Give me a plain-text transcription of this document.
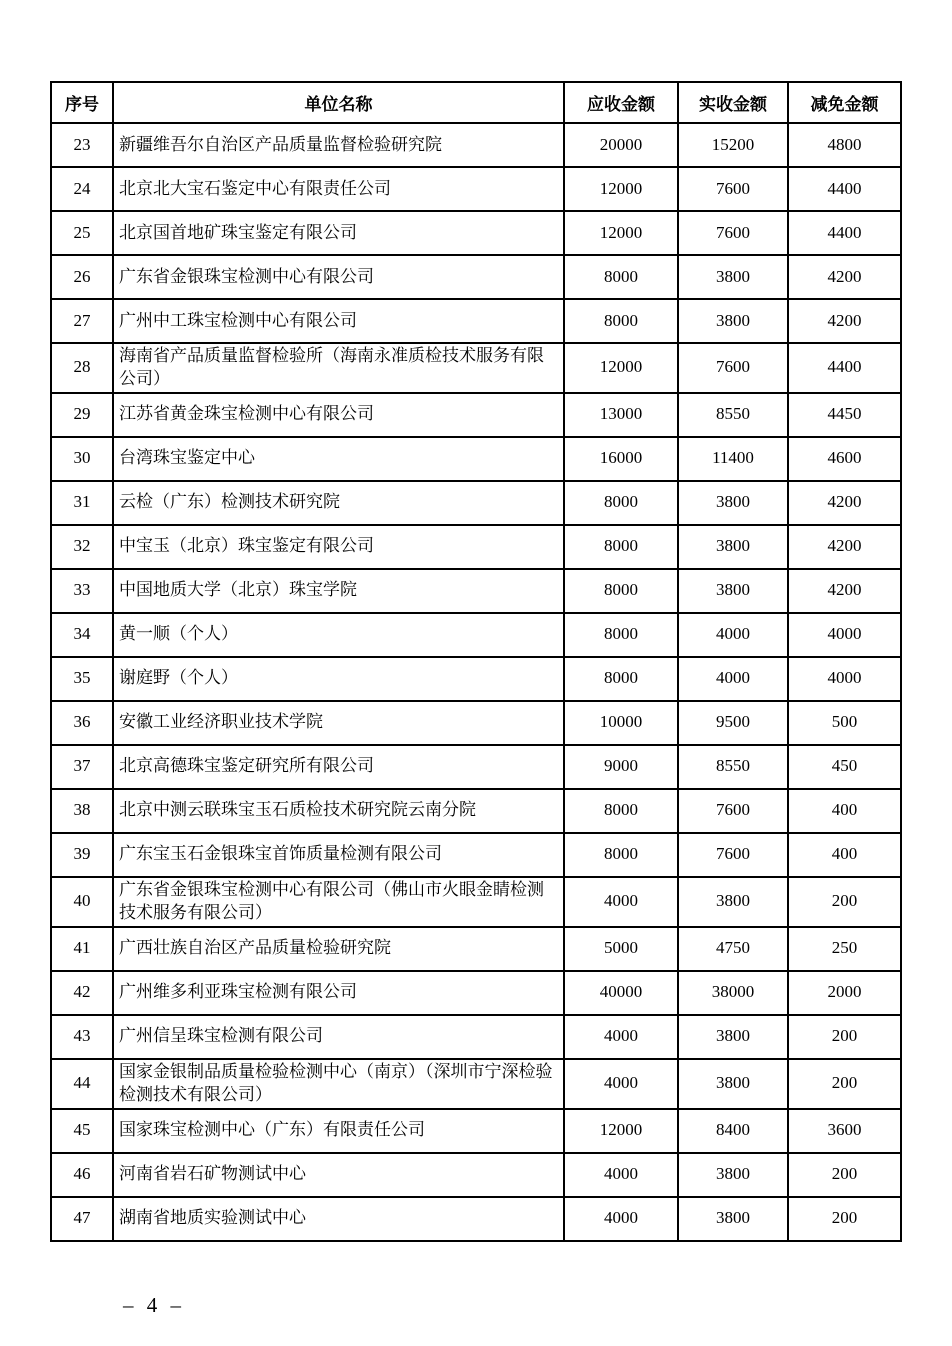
序号	单位名称	应收金额	实收金额	减免金额
23	新疆维吾尔自治区产品质量监督检验研究院	20000	15200	4800
24	北京北大宝石鉴定中心有限责任公司	12000	7600	4400
25	北京国首地矿珠宝鉴定有限公司	12000	7600	4400
26	广东省金银珠宝检测中心有限公司	8000	3800	4200
27	广州中工珠宝检测中心有限公司	8000	3800	4200
28	海南省产品质量监督检验所（海南永准质检技术服务有限公司）	12000	7600	4400
29	江苏省黄金珠宝检测中心有限公司	13000	8550	4450
30	台湾珠宝鉴定中心	16000	11400	4600
31	云检（广东）检测技术研究院	8000	3800	4200
32	中宝玉（北京）珠宝鉴定有限公司	8000	3800	4200
33	中国地质大学（北京）珠宝学院	8000	3800	4200
34	黄一顺（个人）	8000	4000	4000
35	谢庭野（个人）	8000	4000	4000
36	安徽工业经济职业技术学院	10000	9500	500
37	北京高德珠宝鉴定研究所有限公司	9000	8550	450
38	北京中测云联珠宝玉石质检技术研究院云南分院	8000	7600	400
39	广东宝玉石金银珠宝首饰质量检测有限公司	8000	7600	400
40	广东省金银珠宝检测中心有限公司（佛山市火眼金睛检测技术服务有限公司）	4000	3800	200
41	广西壮族自治区产品质量检验研究院	5000	4750	250
42	广州维多利亚珠宝检测有限公司	40000	38000	2000
43	广州信呈珠宝检测有限公司	4000	3800	200
44	国家金银制品质量检验检测中心（南京）（深圳市宁深检验检测技术有限公司）	4000	3800	200
45	国家珠宝检测中心（广东）有限责任公司	12000	8400	3600
46	河南省岩石矿物测试中心	4000	3800	200
47	湖南省地质实验测试中心	4000	3800	200
– 4 –
